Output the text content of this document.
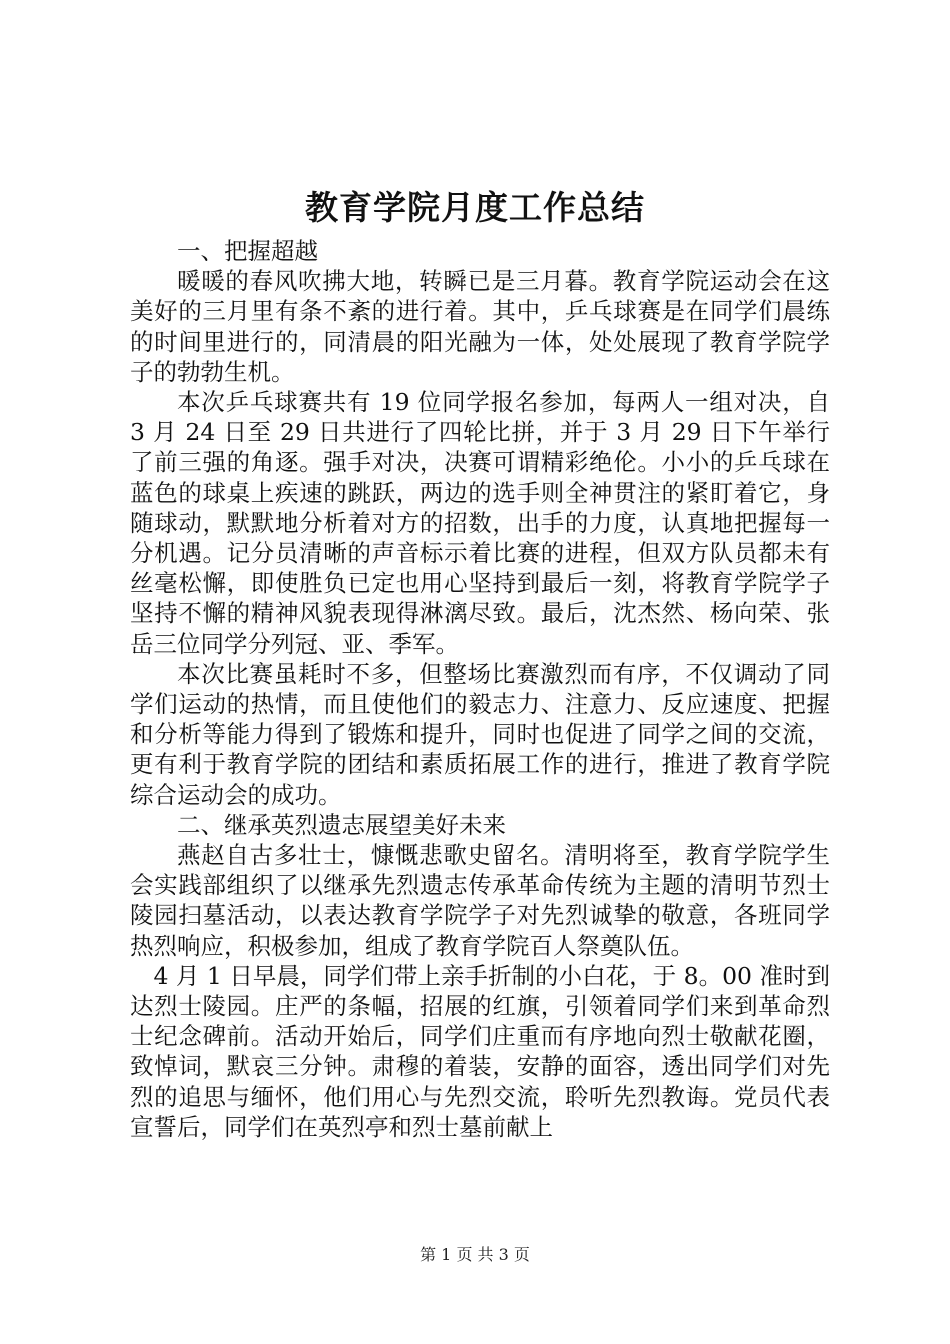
教育学院月度工作总结

一、把握超越

暖暖的春风吹拂大地，转瞬已是三月暮。教育学院运动会在这美好的三月里有条不紊的进行着。其中，乒乓球赛是在同学们晨练的时间里进行的，同清晨的阳光融为一体，处处展现了教育学院学子的勃勃生机。

本次乒乓球赛共有 19 位同学报名参加，每两人一组对决，自 3 月 24 日至 29 日共进行了四轮比拼，并于 3 月 29 日下午举行了前三强的角逐。强手对决，决赛可谓精彩绝伦。小小的乒乓球在蓝色的球桌上疾速的跳跃，两边的选手则全神贯注的紧盯着它，身随球动，默默地分析着对方的招数，出手的力度，认真地把握每一分机遇。记分员清晰的声音标示着比赛的进程，但双方队员都未有丝毫松懈，即使胜负已定也用心坚持到最后一刻，将教育学院学子坚持不懈的精神风貌表现得淋漓尽致。最后，沈杰然、杨向荣、张岳三位同学分列冠、亚、季军。

本次比赛虽耗时不多，但整场比赛激烈而有序，不仅调动了同学们运动的热情，而且使他们的毅志力、注意力、反应速度、把握和分析等能力得到了锻炼和提升，同时也促进了同学之间的交流，更有利于教育学院的团结和素质拓展工作的进行，推进了教育学院综合运动会的成功。

二、继承英烈遗志展望美好未来

燕赵自古多壮士，慷慨悲歌史留名。清明将至，教育学院学生会实践部组织了以继承先烈遗志传承革命传统为主题的清明节烈士陵园扫墓活动，以表达教育学院学子对先烈诚挚的敬意，各班同学热烈响应，积极参加，组成了教育学院百人祭奠队伍。

4 月 1 日早晨，同学们带上亲手折制的小白花，于 8。00 准时到达烈士陵园。庄严的条幅，招展的红旗，引领着同学们来到革命烈士纪念碑前。活动开始后，同学们庄重而有序地向烈士敬献花圈，致悼词，默哀三分钟。肃穆的着装，安静的面容，透出同学们对先烈的追思与缅怀，他们用心与先烈交流，聆听先烈教诲。党员代表宣誓后，同学们在英烈亭和烈士墓前献上

第 1 页 共 3 页
